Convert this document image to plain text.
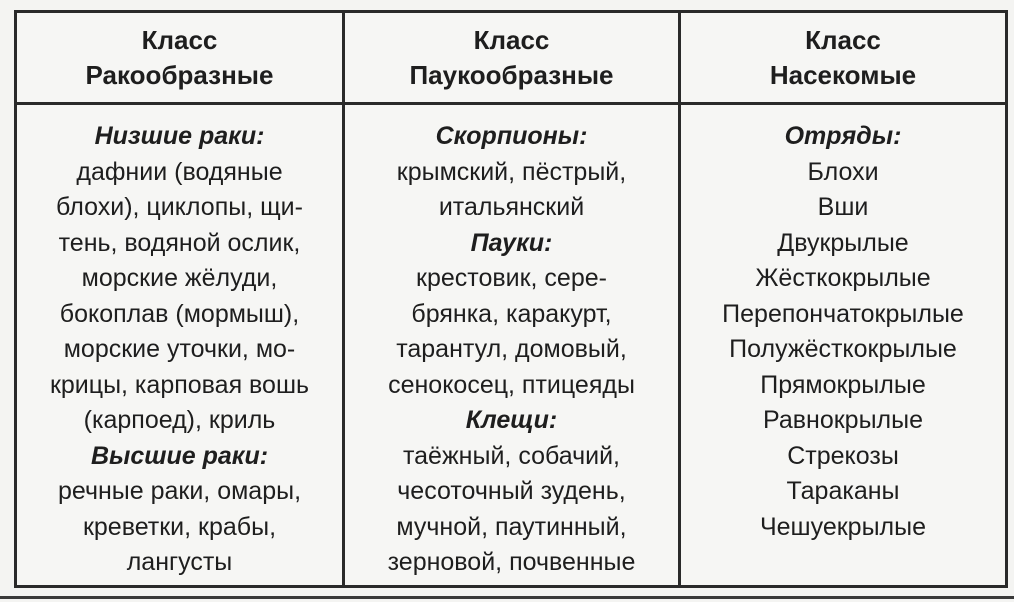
Класс
Ракообразные
Класс
Паукообразные
Класс
Насекомые
Низшие раки:
дафнии (водяные
блохи), циклопы, щи-
тень, водяной ослик,
морские жёлуди,
бокоплав (мормыш),
морские уточки, мо-
крицы, карповая вошь
(карпоед), криль
Высшие раки:
речные раки, омары,
креветки, крабы,
лангусты
Скорпионы:
крымский, пёстрый,
итальянский
Пауки:
крестовик, сере-
брянка, каракурт,
тарантул, домовый,
сенокосец, птицеяды
Клещи:
таёжный, собачий,
чесоточный зудень,
мучной, паутинный,
зерновой, почвенные
Отряды:
Блохи
Вши
Двукрылые
Жёсткокрылые
Перепончатокрылые
Полужёсткокрылые
Прямокрылые
Равнокрылые
Стрекозы
Тараканы
Чешуекрылые
